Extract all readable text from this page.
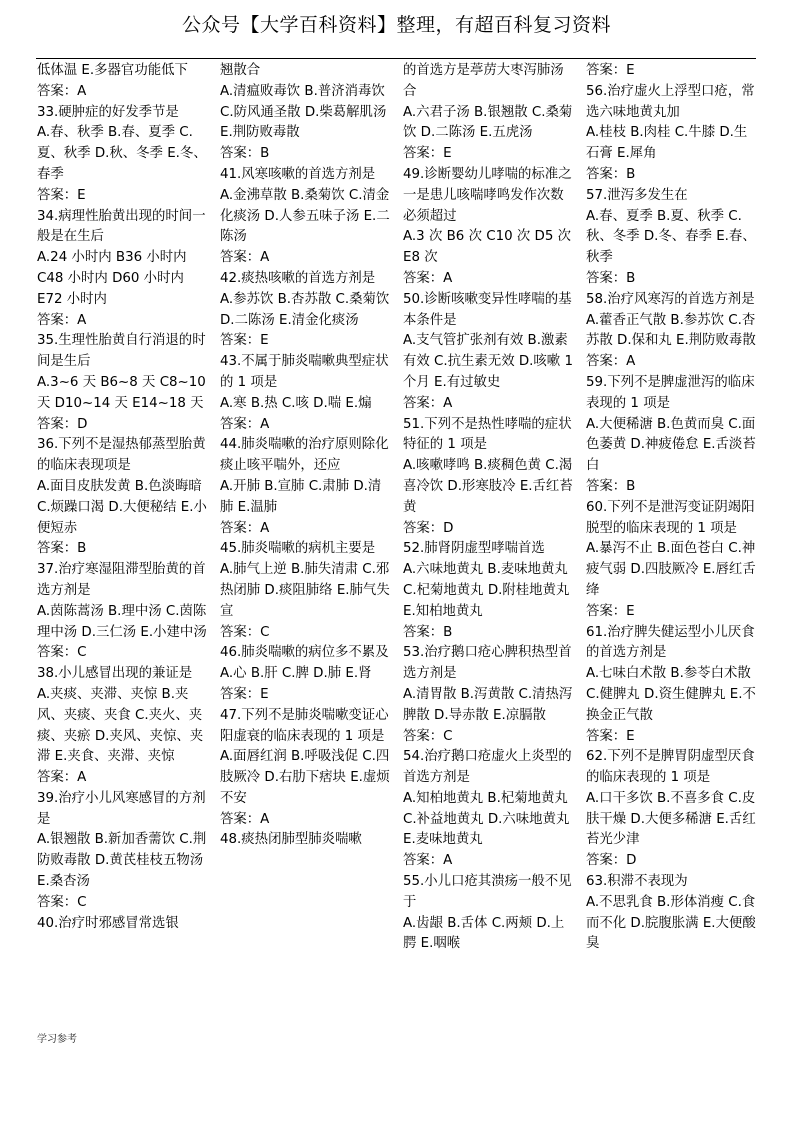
公众号【大学百科资料】整理，有超百科复习资料

低体温 E.多器官功能低下

答案：A

33.硬肿症的好发季节是

A.春、秋季 B.春、夏季 C.夏、秋季 D.秋、冬季 E.冬、春季

答案：E

34.病理性胎黄出现的时间一般是在生后

A.24 小时内 B36 小时内 C48 小时内 D60 小时内 E72 小时内

答案：A

35.生理性胎黄自行消退的时间是生后

A.3~6 天 B6~8 天 C8~10 天 D10~14 天 E14~18 天

答案：D

36.下列不是湿热郁蒸型胎黄的临床表现项是

A.面目皮肤发黄 B.色淡晦暗 C.烦躁口渴 D.大便秘结 E.小便短赤

答案：B

37.治疗寒湿阻滞型胎黄的首选方剂是

A.茵陈蒿汤 B.理中汤 C.茵陈理中汤 D.三仁汤 E.小建中汤

答案：C

38.小儿感冒出现的兼证是

A.夹痰、夹滞、夹惊 B.夹风、夹痰、夹食 C.夹火、夹痰、夹瘀 D.夹风、夹惊、夹滞 E.夹食、夹滞、夹惊

答案：A

39.治疗小儿风寒感冒的方剂是

A.银翘散 B.新加香薷饮 C.荆防败毒散 D.黄芪桂枝五物汤 E.桑杏汤

答案：C

40.治疗时邪感冒常选银

翘散合

A.清瘟败毒饮 B.普济消毒饮 C.防风通圣散 D.柴葛解肌汤 E.荆防败毒散

答案：B

41.风寒咳嗽的首选方剂是

A.金沸草散 B.桑菊饮 C.清金化痰汤 D.人参五味子汤 E.二陈汤

答案：A

42.痰热咳嗽的首选方剂是

A.参苏饮 B.杏苏散 C.桑菊饮 D.二陈汤 E.清金化痰汤

答案：E

43.不属于肺炎喘嗽典型症状的 1 项是

A.寒 B.热 C.咳 D.喘 E.煽

答案：A

44.肺炎喘嗽的治疗原则除化痰止咳平喘外，还应

A.开肺 B.宣肺 C.肃肺 D.清肺 E.温肺

答案：A

45.肺炎喘嗽的病机主要是

A.肺气上逆 B.肺失清肃 C.邪热闭肺 D.痰阻肺络 E.肺气失宣

答案：C

46.肺炎喘嗽的病位多不累及

A.心 B.肝 C.脾 D.肺 E.肾

答案：E

47.下列不是肺炎喘嗽变证心阳虚衰的临床表现的 1 项是

A.面唇红润 B.呼吸浅促 C.四肢厥冷 D.右肋下痞块 E.虚烦不安

答案：A

48.痰热闭肺型肺炎喘嗽

的首选方是葶苈大枣泻肺汤合

A.六君子汤 B.银翘散 C.桑菊饮 D.二陈汤 E.五虎汤

答案：E

49.诊断婴幼儿哮喘的标准之一是患儿咳喘哮鸣发作次数必须超过

A.3 次 B6 次 C10 次 D5 次 E8 次

答案：A

50.诊断咳嗽变异性哮喘的基本条件是

A.支气管扩张剂有效 B.激素有效 C.抗生素无效 D.咳嗽 1 个月 E.有过敏史

答案：A

51.下列不是热性哮喘的症状特征的 1 项是

A.咳嗽哮鸣 B.痰稠色黄 C.渴喜冷饮 D.形寒肢冷 E.舌红苔黄

答案：D

52.肺肾阴虚型哮喘首选

A.六味地黄丸 B.麦味地黄丸 C.杞菊地黄丸 D.附桂地黄丸 E.知柏地黄丸

答案：B

53.治疗鹅口疮心脾积热型首选方剂是

A.清胃散 B.泻黄散 C.清热泻脾散 D.导赤散 E.凉膈散

答案：C

54.治疗鹅口疮虚火上炎型的首选方剂是

A.知柏地黄丸 B.杞菊地黄丸 C.补益地黄丸 D.六味地黄丸 E.麦味地黄丸

答案：A

55.小儿口疮其溃疡一般不见于

A.齿龈 B.舌体 C.两颊 D.上腭 E.咽喉

答案：E

56.治疗虚火上浮型口疮，常选六味地黄丸加

A.桂枝 B.肉桂 C.牛膝 D.生石膏 E.犀角

答案：B

57.泄泻多发生在

A.春、夏季 B.夏、秋季 C.秋、冬季 D.冬、春季 E.春、秋季

答案：B

58.治疗风寒泻的首选方剂是

A.藿香正气散 B.参苏饮 C.杏苏散 D.保和丸 E.荆防败毒散

答案：A

59.下列不是脾虚泄泻的临床表现的 1 项是

A.大便稀溏 B.色黄而臭 C.面色萎黄 D.神疲倦怠 E.舌淡苔白

答案：B

60.下列不是泄泻变证阴竭阳脱型的临床表现的 1 项是

A.暴泻不止 B.面色苍白 C.神疲气弱 D.四肢厥冷 E.唇红舌绛

答案：E

61.治疗脾失健运型小儿厌食的首选方剂是

A.七味白术散 B.参苓白术散 C.健脾丸 D.资生健脾丸 E.不换金正气散

答案：E

62.下列不是脾胃阴虚型厌食的临床表现的 1 项是

A.口干多饮 B.不喜多食 C.皮肤干燥 D.大便多稀溏 E.舌红苔光少津

答案：D

63.积滞不表现为

A.不思乳食 B.形体消瘦 C.食而不化 D.脘腹胀满 E.大便酸臭

学习参考
